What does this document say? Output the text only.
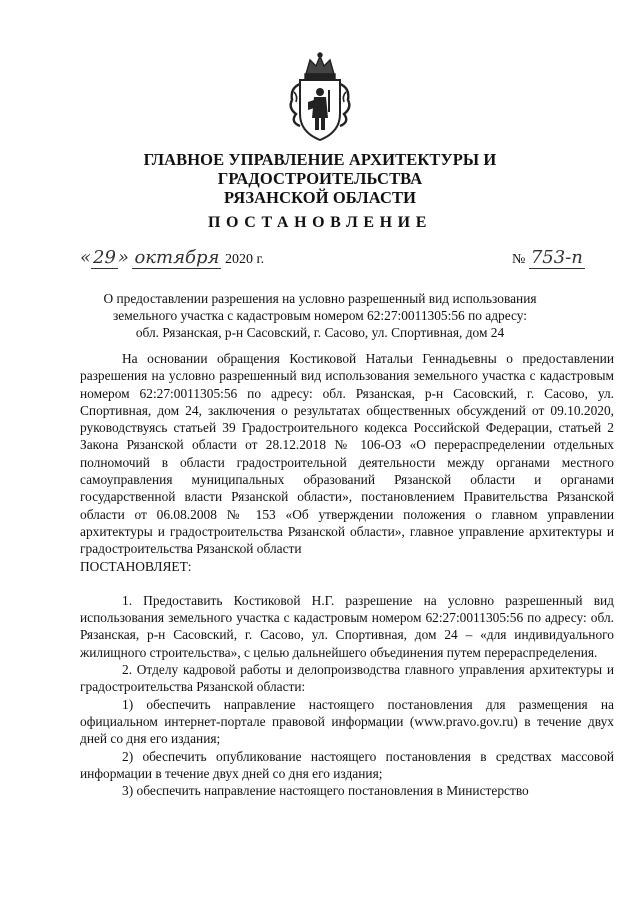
ГЛАВНОЕ УПРАВЛЕНИЕ АРХИТЕКТУРЫ И ГРАДОСТРОИТЕЛЬСТВА
РЯЗАНСКОЙ ОБЛАСТИ
ПОСТАНОВЛЕНИЕ
« 29 » октября 2020 г.	№ 753-п
О предоставлении разрешения на условно разрешенный вид использования
земельного участка с кадастровым номером 62:27:0011305:56 по адресу:
обл. Рязанская, р-н Сасовский, г. Сасово, ул. Спортивная, дом 24

На основании обращения Костиковой Натальи Геннадьевны о предоставлении разрешения на условно разрешенный вид использования земельного участка с кадастровым номером 62:27:0011305:56 по адресу: обл. Рязанская, р-н Сасовский, г. Сасово, ул. Спортивная, дом 24, заключения о результатах общественных обсуждений от 09.10.2020, руководствуясь статьей 39 Градостроительного кодекса Российской Федерации, статьей 2 Закона Рязанской области от 28.12.2018 № 106-ОЗ «О перераспределении отдельных полномочий в области градостроительной деятельности между органами местного самоуправления муниципальных образований Рязанской области и органами государственной власти Рязанской области», постановлением Правительства Рязанской области от 06.08.2008 № 153 «Об утверждении положения о главном управлении архитектуры и градостроительства Рязанской области», главное управление архитектуры и градостроительства Рязанской области

ПОСТАНОВЛЯЕТ:

1. Предоставить Костиковой Н.Г. разрешение на условно разрешенный вид использования земельного участка с кадастровым номером 62:27:0011305:56 по адресу: обл. Рязанская, р-н Сасовский, г. Сасово, ул. Спортивная, дом 24 – «для индивидуального жилищного строительства», с целью дальнейшего объединения путем перераспределения.

2. Отделу кадровой работы и делопроизводства главного управления архитектуры и градостроительства Рязанской области:

1) обеспечить направление настоящего постановления для размещения на официальном интернет-портале правовой информации (www.pravo.gov.ru) в течение двух дней со дня его издания;

2) обеспечить опубликование настоящего постановления в средствах массовой информации в течение двух дней со дня его издания;

3) обеспечить направление настоящего постановления в Министерство
